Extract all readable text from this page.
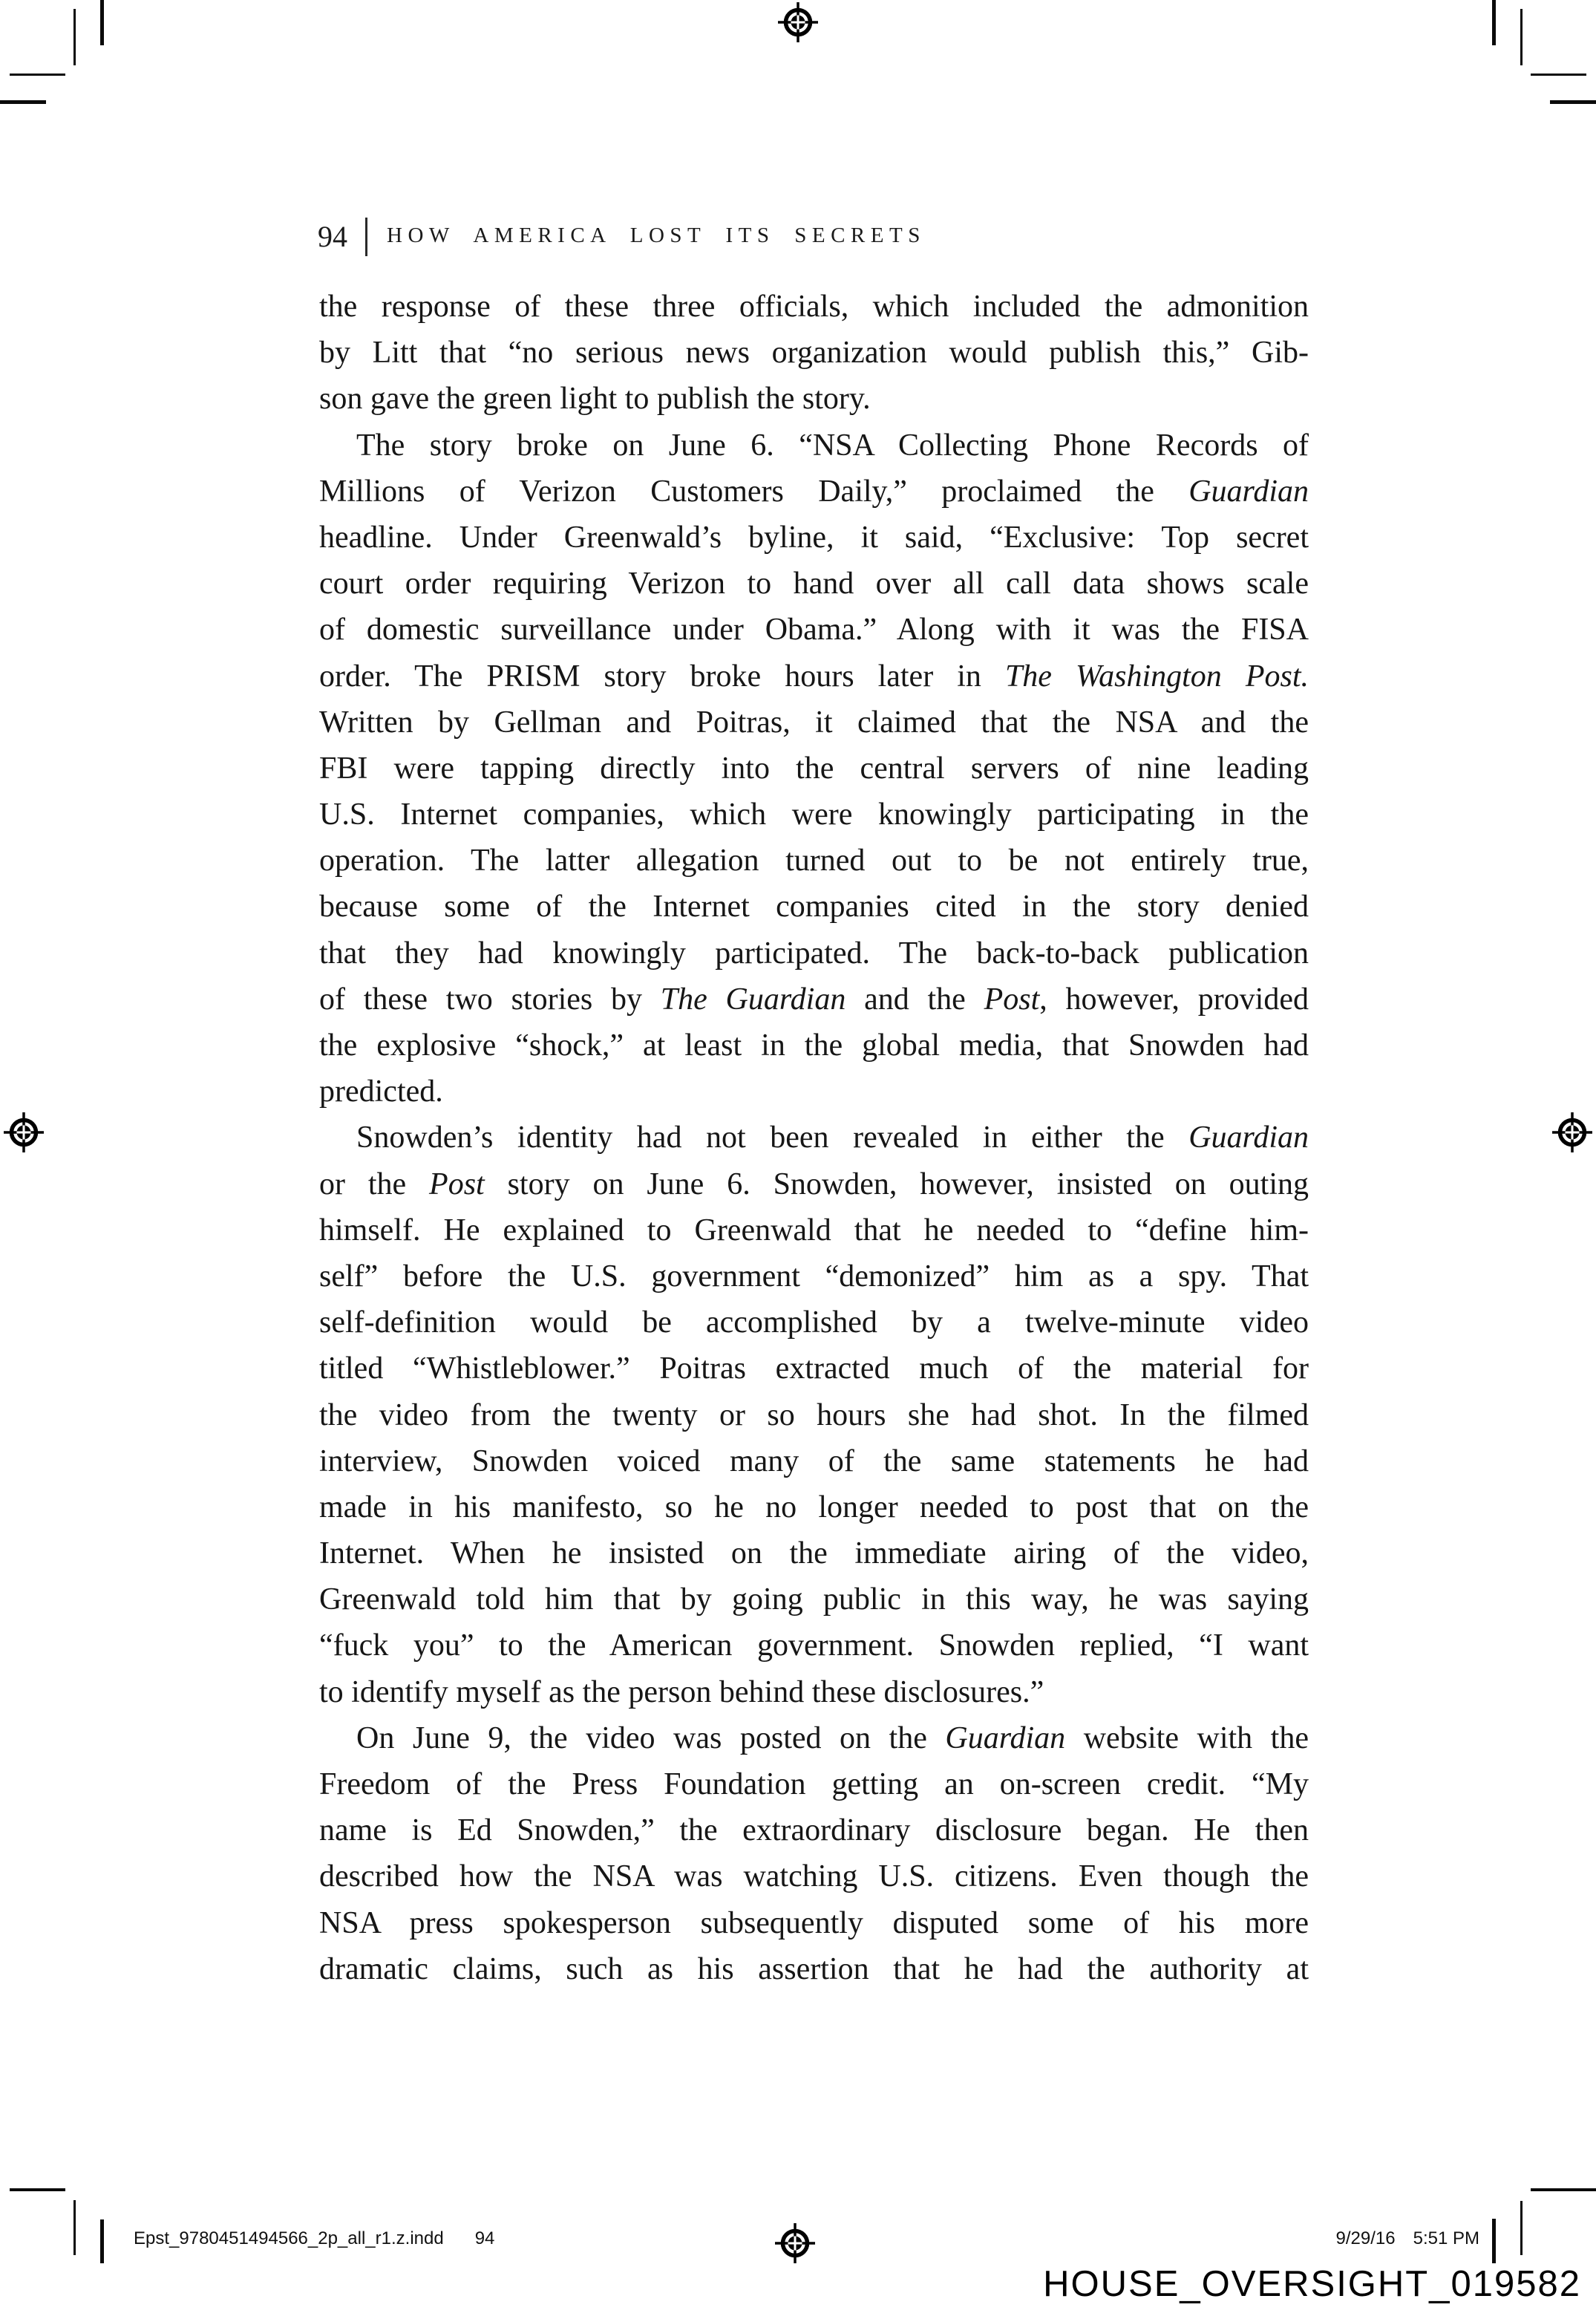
94 HOW AMERICA LOST ITS SECRETS
the response of these three officials, which included the admonition
by Litt that “no serious news organization would publish this,” Gib-
son gave the green light to publish the story.
The story broke on June 6. “NSA Collecting Phone Records of
Millions of Verizon Customers Daily,” proclaimed the Guardian
headline. Under Greenwald’s byline, it said, “Exclusive: Top secret
court order requiring Verizon to hand over all call data shows scale
of domestic surveillance under Obama.” Along with it was the FISA
order. The PRISM story broke hours later in The Washington Post.
Written by Gellman and Poitras, it claimed that the NSA and the
FBI were tapping directly into the central servers of nine leading
U.S. Internet companies, which were knowingly participating in the
operation. The latter allegation turned out to be not entirely true,
because some of the Internet companies cited in the story denied
that they had knowingly participated. The back-to-back publication
of these two stories by The Guardian and the Post, however, provided
the explosive “shock,” at least in the global media, that Snowden had
predicted.
Snowden’s identity had not been revealed in either the Guardian
or the Post story on June 6. Snowden, however, insisted on outing
himself. He explained to Greenwald that he needed to “define him-
self” before the U.S. government “demonized” him as a spy. That
self-definition would be accomplished by a twelve-minute video
titled “Whistleblower.” Poitras extracted much of the material for
the video from the twenty or so hours she had shot. In the filmed
interview, Snowden voiced many of the same statements he had
made in his manifesto, so he no longer needed to post that on the
Internet. When he insisted on the immediate airing of the video,
Greenwald told him that by going public in this way, he was saying
“fuck you” to the American government. Snowden replied, “I want
to identify myself as the person behind these disclosures.”
On June 9, the video was posted on the Guardian website with the
Freedom of the Press Foundation getting an on-screen credit. “My
name is Ed Snowden,” the extraordinary disclosure began. He then
described how the NSA was watching U.S. citizens. Even though the
NSA press spokesperson subsequently disputed some of his more
dramatic claims, such as his assertion that he had the authority at
Epst_9780451494566_2p_all_r1.z.indd 94	9/29/16 5:51 PM
HOUSE_OVERSIGHT_019582
